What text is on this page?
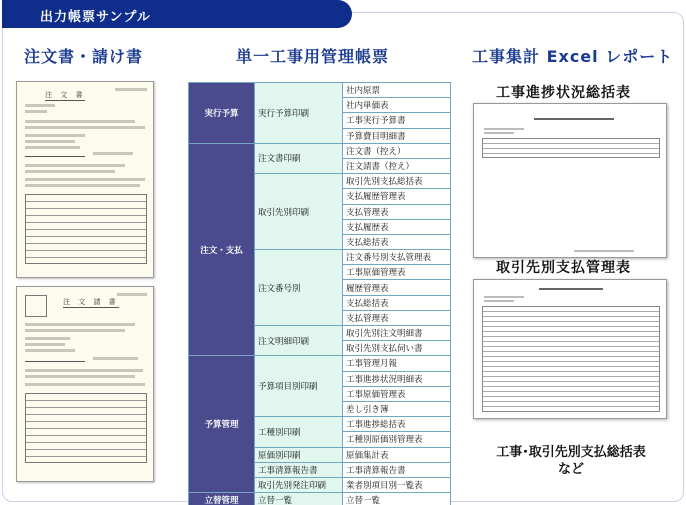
出力帳票サンプル
注文書・請け書	単一工事用管理帳票	工事集計 Excel レポート
注 文 書
注 文 請 書
実行予算	実行予算印刷	社内原票
		社内単価表
		工事実行予算書
		予算費目明細書
注文・支払	注文書印刷	注文書（控え）
		注文請書（控え）
	取引先別印刷	取引先別支払総括表
		支払履歴管理表
		支払管理表
		支払履歴表
		支払総括表
	注文番号別	注文番号別支払管理表
		工事原価管理表
		履歴管理表
		支払総括表
		支払管理表
	注文明細印刷	取引先別注文明細書
		取引先別支払伺い書
予算管理	予算項目別印刷	工事管理月報
		工事進捗状況明細表
		工事原価管理表
		差し引き簿
	工種別印刷	工事進捗総括表
		工種別原価別管理表
	原価別印刷	原価集計表
	工事清算報告書	工事清算報告書
	取引先別発注印刷	業者別項目別一覧表
立替管理	立替一覧	立替一覧
工事進捗状況総括表
取引先別支払管理表
工事･取引先別支払総括表
など
